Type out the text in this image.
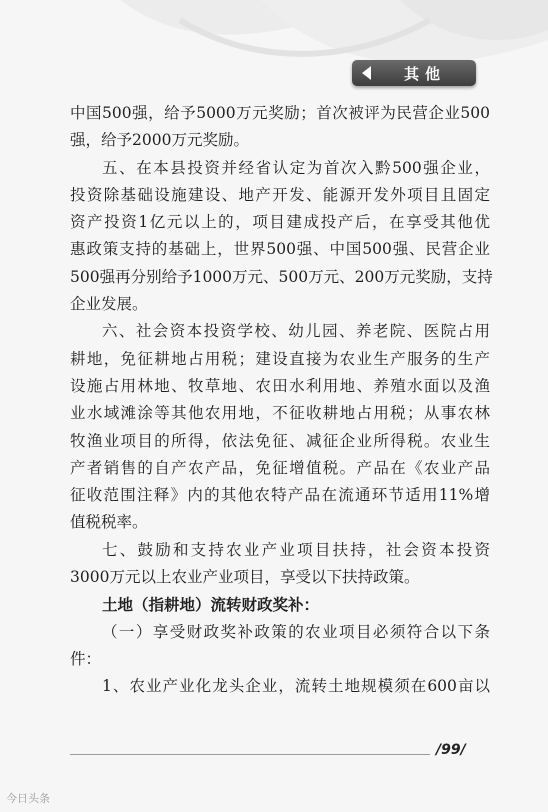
其他
中国500强，给予5000万元奖励；首次被评为民营企业500
强，给予2000万元奖励。
五、在本县投资并经省认定为首次入黔500强企业，
投资除基础设施建设、地产开发、能源开发外项目且固定
资产投资1亿元以上的，项目建成投产后，在享受其他优
惠政策支持的基础上，世界500强、中国500强、民营企业
500强再分别给予1000万元、500万元、200万元奖励，支持
企业发展。
六、社会资本投资学校、幼儿园、养老院、医院占用
耕地，免征耕地占用税；建设直接为农业生产服务的生产
设施占用林地、牧草地、农田水利用地、养殖水面以及渔
业水域滩涂等其他农用地，不征收耕地占用税；从事农林
牧渔业项目的所得，依法免征、减征企业所得税。农业生
产者销售的自产农产品，免征增值税。产品在《农业产品
征收范围注释》内的其他农特产品在流通环节适用11%增
值税税率。
七、鼓励和支持农业产业项目扶持，社会资本投资
3000万元以上农业产业项目，享受以下扶持政策。
土地（指耕地）流转财政奖补：
（一）享受财政奖补政策的农业项目必须符合以下条
件：
1、农业产业化龙头企业，流转土地规模须在600亩以
/99/
今日头条
